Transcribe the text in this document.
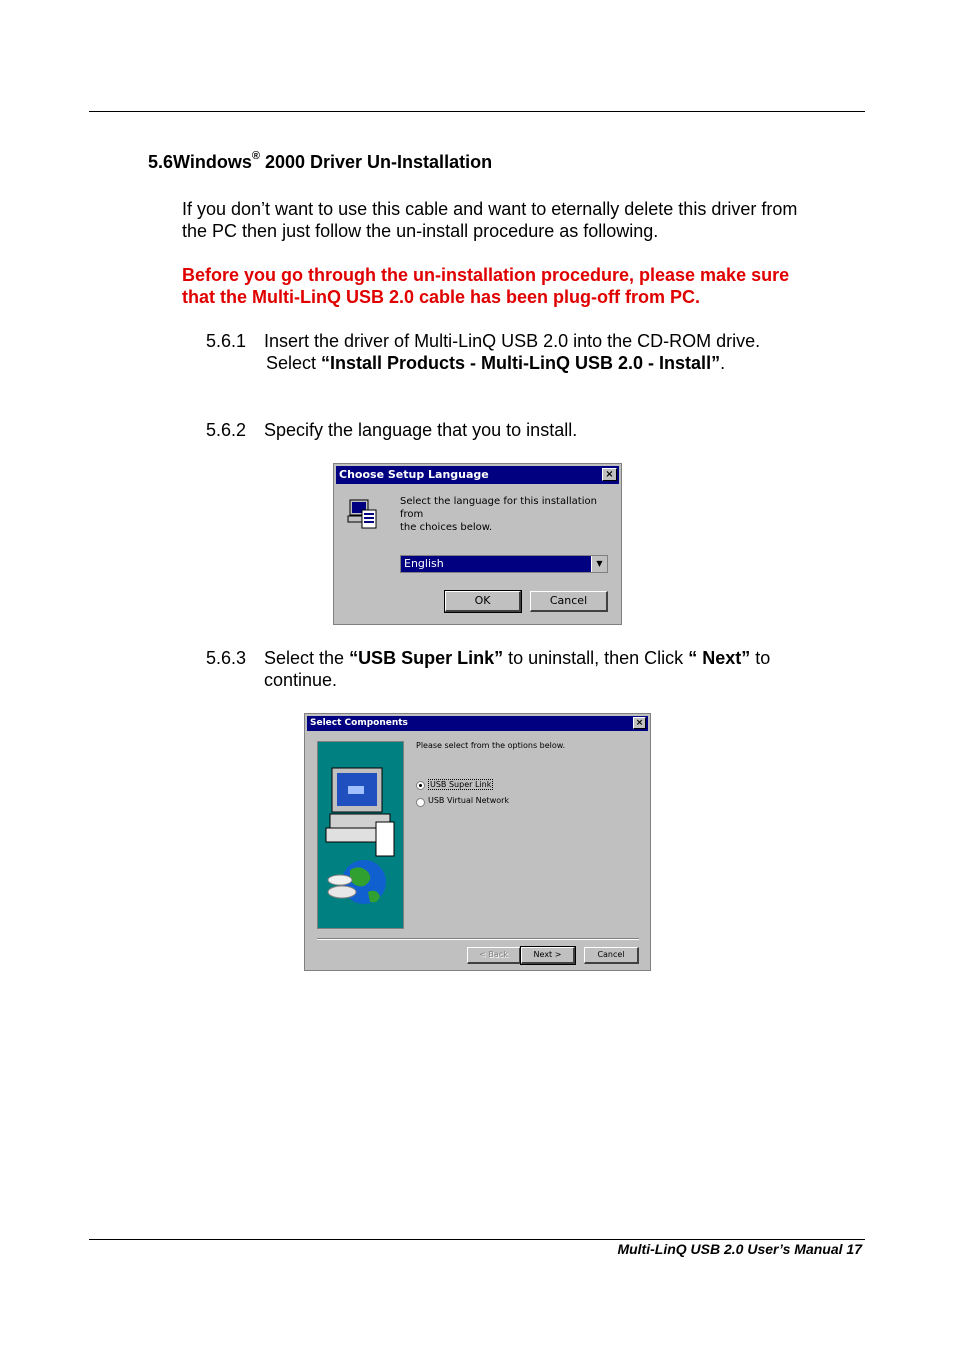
5.6Windows® 2000 Driver Un-Installation
If you don’t want to use this cable and want to eternally delete this driver from
the PC then just follow the un-install procedure as following.
Before you go through the un-installation procedure, please make sure
that the Multi-LinQ USB 2.0 cable has been plug-off from PC.
5.6.1 Insert the driver of Multi-LinQ USB 2.0 into the CD-ROM drive.
Select “Install Products - Multi-LinQ USB 2.0 - Install”.
5.6.2 Specify the language that you to install.
Choose Setup Language	×
Select the language for this installation from
the choices below.
English	▼
OK	Cancel
5.6.3 Select the “USB Super Link” to uninstall, then Click “ Next” to
continue.
Select Components	×
Please select from the options below.
USB Super Link
USB Virtual Network
< Back	Next >	Cancel
Multi-LinQ USB 2.0 User’s Manual 17
